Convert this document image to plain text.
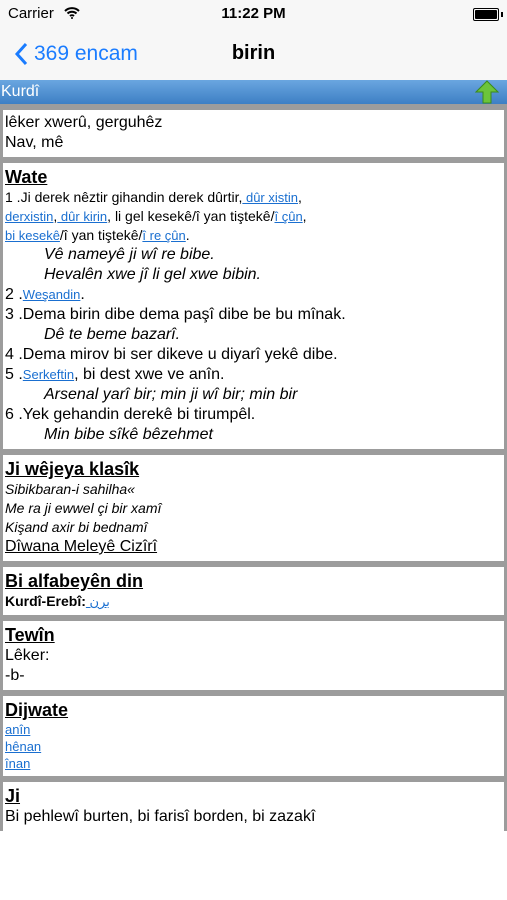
Carrier	11:22 PM
369 encam	birin
Kurdî
lêker xwerû, gerguhêz
Nav, mê
Wate
1 .Ji derek nêztir gihandin derek dûrtir, dûr xistin,
derxistin, dûr kirin, li gel kesekê/î yan tiştekê/î çûn,
bi kesekê/î yan tiştekê/î re çûn.
Vê nameyê ji wî re bibe.
Hevalên xwe jî li gel xwe bibin.
2 .Weşandin.
3 .Dema birin dibe dema paşî dibe be bu mînak.
Dê te beme bazarî.
4 .Dema mirov bi ser dikeve u diyarî yekê dibe.
5 .Serkeftin, bi dest xwe ve anîn.
Arsenal yarî bir; min ji wî bir; min bir
6 .Yek gehandin derekê bi tirumpêl.
Min bibe sîkê bêzehmet
Ji wêjeya klasîk
Sibikbaran-i sahilha«
Me ra ji ewwel çi bir xamî
Kişand axir bi bednamî
Dîwana Meleyê Cizîrî
Bi alfabeyên din
Kurdî-Erebî: برن
Tewîn
Lêker:
-b-
Dijwate
anîn
hênan
înan
Ji
Bi pehlewî burten, bi farisî borden, bi zazakî
